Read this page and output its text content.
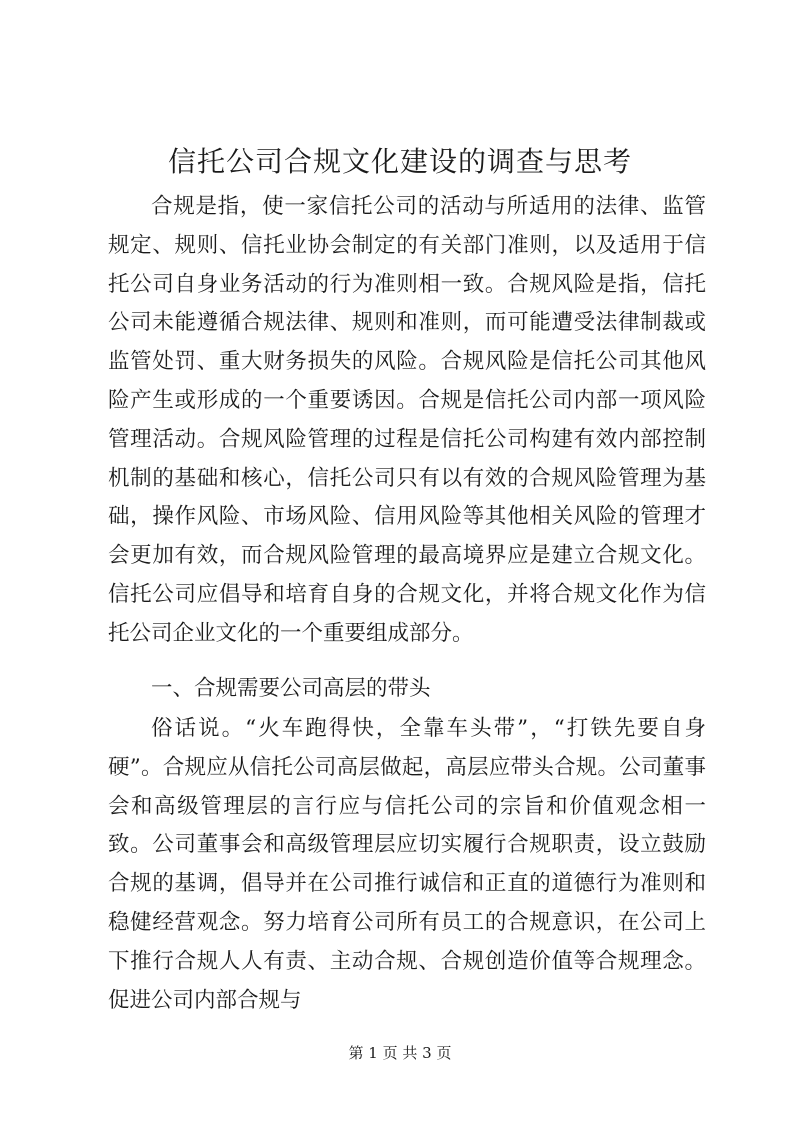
信托公司合规文化建设的调查与思考

合规是指，使一家信托公司的活动与所适用的法律、监管规定、规则、信托业协会制定的有关部门准则，以及适用于信托公司自身业务活动的行为准则相一致。合规风险是指，信托公司未能遵循合规法律、规则和准则，而可能遭受法律制裁或监管处罚、重大财务损失的风险。合规风险是信托公司其他风险产生或形成的一个重要诱因。合规是信托公司内部一项风险管理活动。合规风险管理的过程是信托公司构建有效内部控制机制的基础和核心，信托公司只有以有效的合规风险管理为基础，操作风险、市场风险、信用风险等其他相关风险的管理才会更加有效，而合规风险管理的最高境界应是建立合规文化。信托公司应倡导和培育自身的合规文化，并将合规文化作为信托公司企业文化的一个重要组成部分。

一、合规需要公司高层的带头

俗话说。“火车跑得快，全靠车头带”，“打铁先要自身硬”。合规应从信托公司高层做起，高层应带头合规。公司董事会和高级管理层的言行应与信托公司的宗旨和价值观念相一致。公司董事会和高级管理层应切实履行合规职责，设立鼓励合规的基调，倡导并在公司推行诚信和正直的道德行为准则和稳健经营观念。努力培育公司所有员工的合规意识，在公司上下推行合规人人有责、主动合规、合规创造价值等合规理念。促进公司内部合规与

第 1 页 共 3 页
